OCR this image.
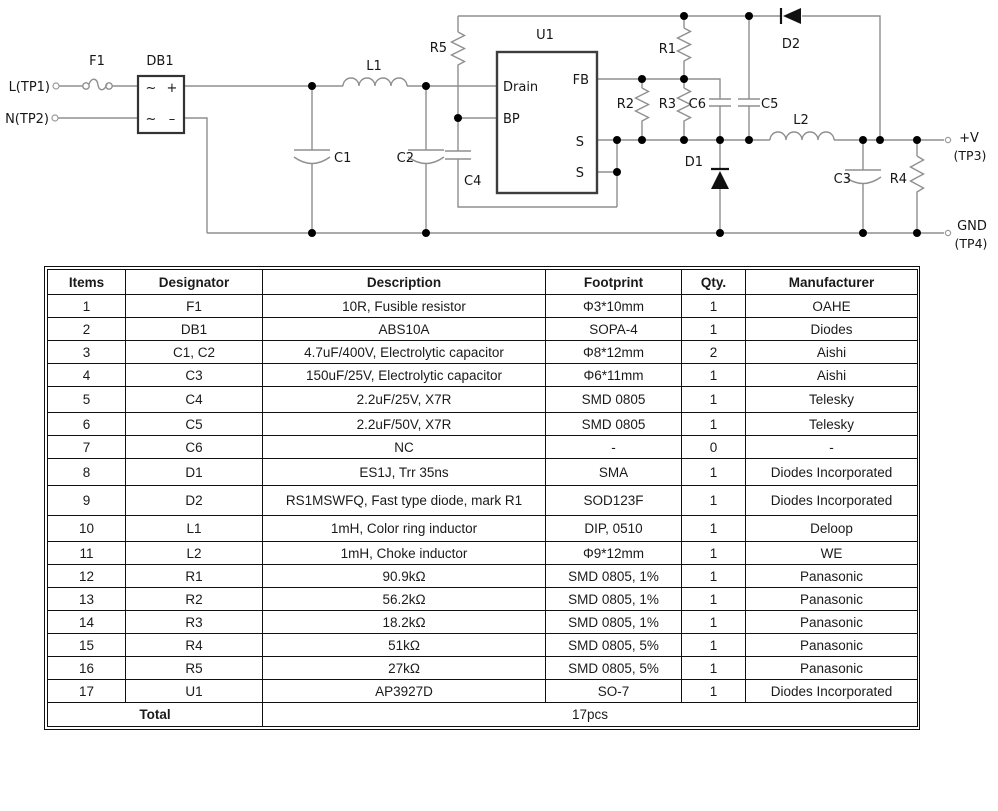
L(TP1)
N(TP2)
F1	DB1
~ +
~ –
L1
C1	C2
R5
C4
U1
Drain
BP
FB
S
S
R1
R2 R3 C6	C5
D2
L2
D1
C3	R4
+V
(TP3)
GND
(TP4)
Items	Designator	Description	Footprint	Qty.	Manufacturer
1	F1	10R, Fusible resistor	Φ3*10mm	1	OAHE
2	DB1	ABS10A	SOPA-4	1	Diodes
3	C1, C2	4.7uF/400V, Electrolytic capacitor	Φ8*12mm	2	Aishi
4	C3	150uF/25V, Electrolytic capacitor	Φ6*11mm	1	Aishi
5	C4	2.2uF/25V, X7R	SMD 0805	1	Telesky
6	C5	2.2uF/50V, X7R	SMD 0805	1	Telesky
7	C6	NC	-	0	-
8	D1	ES1J, Trr 35ns	SMA	1	Diodes Incorporated
9	D2	RS1MSWFQ, Fast type diode, mark R1	SOD123F	1	Diodes Incorporated
10	L1	1mH, Color ring inductor	DIP, 0510	1	Deloop
11	L2	1mH, Choke inductor	Φ9*12mm	1	WE
12	R1	90.9kΩ	SMD 0805, 1%	1	Panasonic
13	R2	56.2kΩ	SMD 0805, 1%	1	Panasonic
14	R3	18.2kΩ	SMD 0805, 1%	1	Panasonic
15	R4	51kΩ	SMD 0805, 5%	1	Panasonic
16	R5	27kΩ	SMD 0805, 5%	1	Panasonic
17	U1	AP3927D	SO-7	1	Diodes Incorporated
Total		17pcs			
